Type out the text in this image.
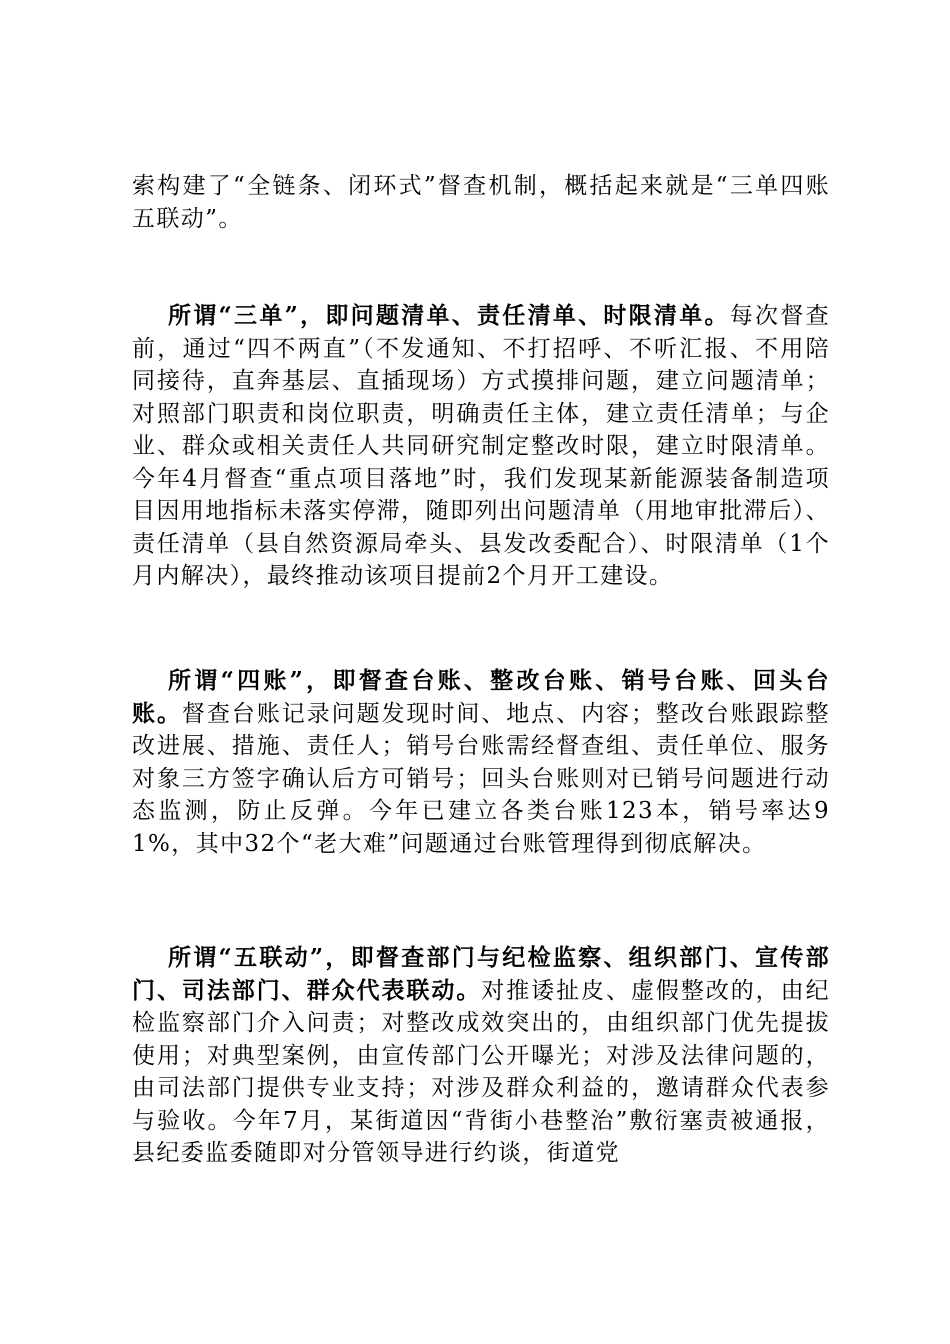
索构建了“全链条、闭环式”督查机制，概括起来就是“三单四账五联动”。

所谓“三单”，即问题清单、责任清单、时限清单。每次督查前，通过“四不两直”（不发通知、不打招呼、不听汇报、不用陪同接待，直奔基层、直插现场）方式摸排问题，建立问题清单；对照部门职责和岗位职责，明确责任主体，建立责任清单；与企业、群众或相关责任人共同研究制定整改时限，建立时限清单。今年4月督查“重点项目落地”时，我们发现某新能源装备制造项目因用地指标未落实停滞，随即列出问题清单（用地审批滞后）、责任清单（县自然资源局牵头、县发改委配合）、时限清单（1个月内解决），最终推动该项目提前2个月开工建设。

所谓“四账”，即督查台账、整改台账、销号台账、回头台账。督查台账记录问题发现时间、地点、内容；整改台账跟踪整改进展、措施、责任人；销号台账需经督查组、责任单位、服务对象三方签字确认后方可销号；回头台账则对已销号问题进行动态监测，防止反弹。今年已建立各类台账123本，销号率达91%，其中32个“老大难”问题通过台账管理得到彻底解决。

所谓“五联动”，即督查部门与纪检监察、组织部门、宣传部门、司法部门、群众代表联动。对推诿扯皮、虚假整改的，由纪检监察部门介入问责；对整改成效突出的，由组织部门优先提拔使用；对典型案例，由宣传部门公开曝光；对涉及法律问题的，由司法部门提供专业支持；对涉及群众利益的，邀请群众代表参与验收。今年7月，某街道因“背街小巷整治”敷衍塞责被通报，县纪委监委随即对分管领导进行约谈，街道党
